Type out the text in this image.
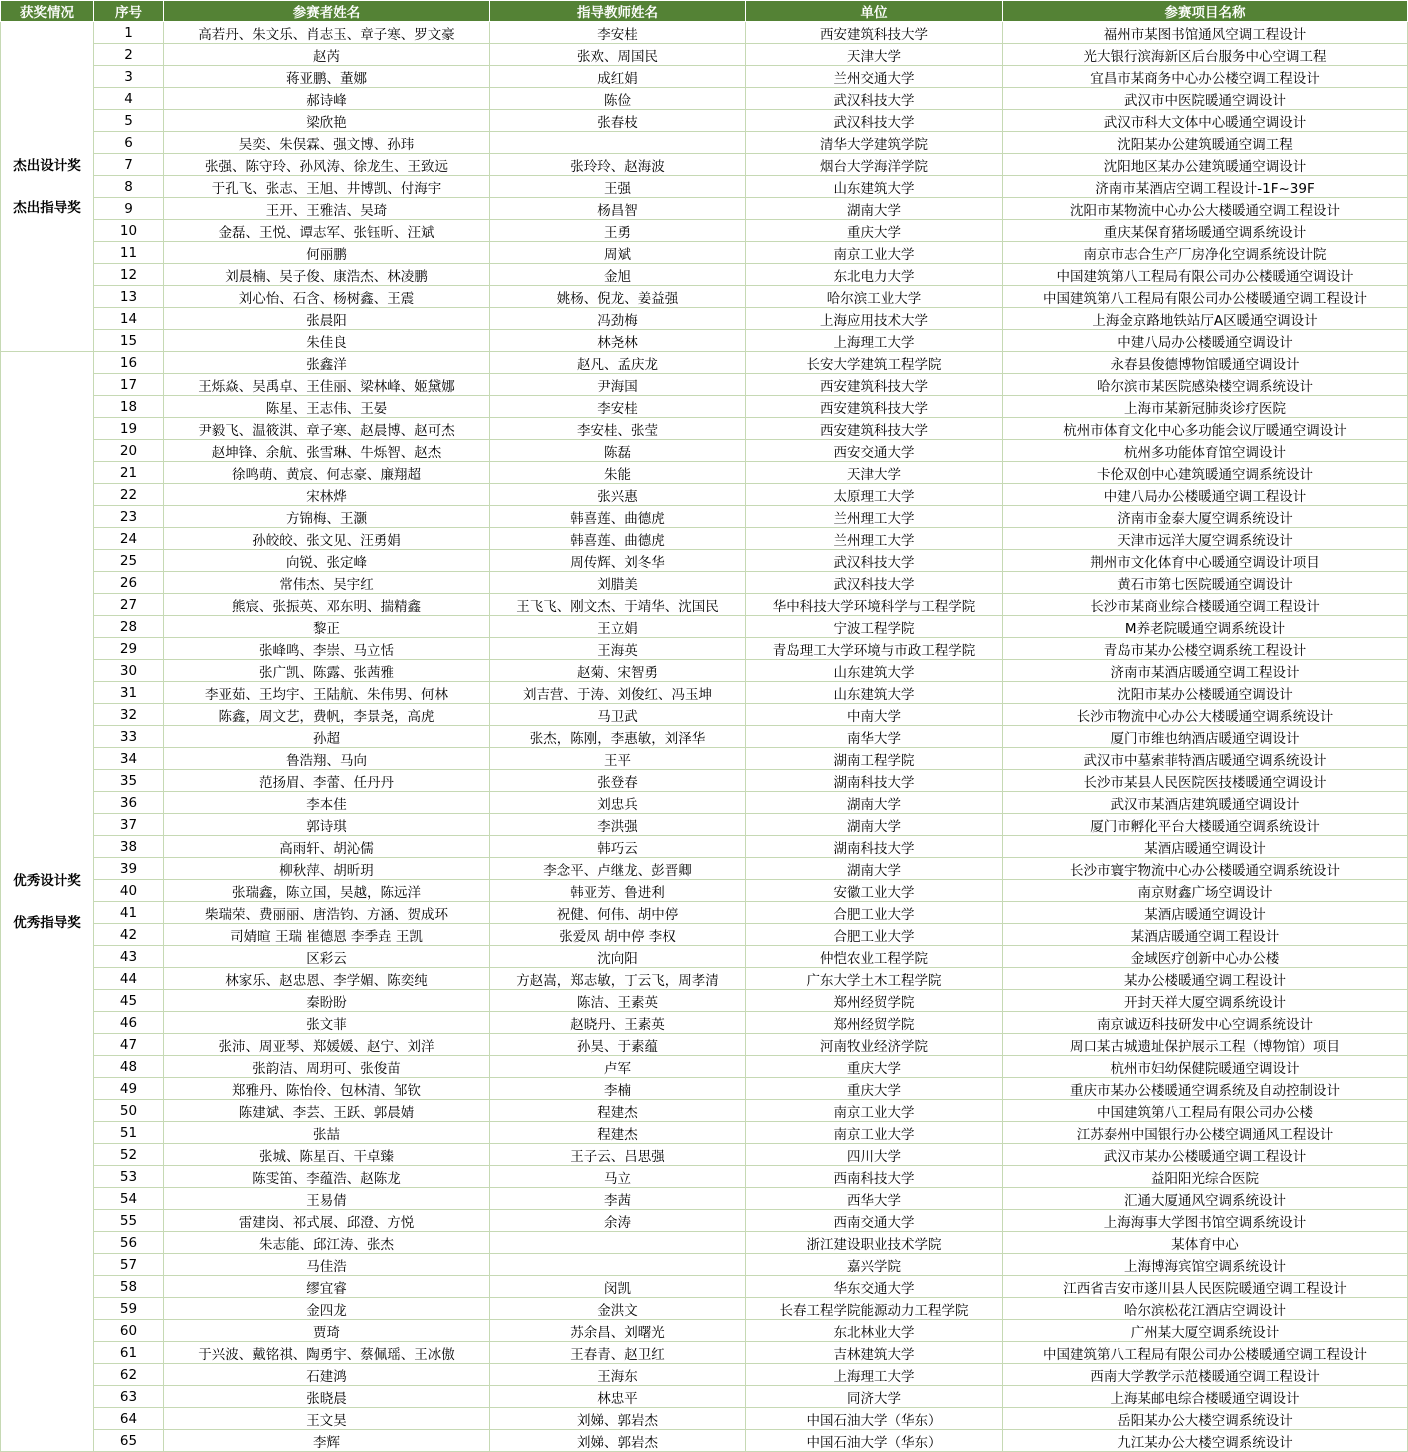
获奖情况	序号	参赛者姓名	指导教师姓名	单位	参赛项目名称

杰出设计奖
杰出指导奖	1	高若丹、朱文乐、肖志玉、章子寒、罗文豪	李安桂	西安建筑科技大学	福州市某图书馆通风空调工程设计
	2	赵芮	张欢、周国民	天津大学	光大银行滨海新区后台服务中心空调工程
	3	蒋亚鹏、董娜	成红娟	兰州交通大学	宜昌市某商务中心办公楼空调工程设计
	4	郝诗峰	陈俭	武汉科技大学	武汉市中医院暖通空调设计
	5	梁欣艳	张春枝	武汉科技大学	武汉市科大文体中心暖通空调设计
	6	吴奕、朱俣霖、强文博、孙玮		清华大学建筑学院	沈阳某办公建筑暖通空调工程
	7	张强、陈守玲、孙风涛、徐龙生、王致远	张玲玲、赵海波	烟台大学海洋学院	沈阳地区某办公建筑暖通空调设计
	8	于孔飞、张志、王旭、井博凯、付海宇	王强	山东建筑大学	济南市某酒店空调工程设计-1F~39F
	9	王开、王雅洁、吴琦	杨昌智	湖南大学	沈阳市某物流中心办公大楼暖通空调工程设计
	10	金磊、王悦、谭志军、张钰昕、汪斌	王勇	重庆大学	重庆某保育猪场暖通空调系统设计
	11	何丽鹏	周斌	南京工业大学	南京市志合生产厂房净化空调系统设计院
	12	刘晨楠、吴子俊、康浩杰、林凌鹏	金旭	东北电力大学	中国建筑第八工程局有限公司办公楼暖通空调设计
	13	刘心怡、石含、杨树鑫、王震	姚杨、倪龙、姜益强	哈尔滨工业大学	中国建筑第八工程局有限公司办公楼暖通空调工程设计
	14	张晨阳	冯劲梅	上海应用技术大学	上海金京路地铁站厅A区暖通空调设计
	15	朱佳良	林尧林	上海理工大学	中建八局办公楼暖通空调设计

优秀设计奖
优秀指导奖	16	张鑫洋	赵凡、孟庆龙	长安大学建筑工程学院	永春县俊德博物馆暖通空调设计
	17	王烁焱、吴禹卓、王佳丽、梁林峰、姬黛娜	尹海国	西安建筑科技大学	哈尔滨市某医院感染楼空调系统设计
	18	陈星、王志伟、王晏	李安桂	西安建筑科技大学	上海市某新冠肺炎诊疗医院
	19	尹毅飞、温筱淇、章子寒、赵晨博、赵可杰	李安桂、张莹	西安建筑科技大学	杭州市体育文化中心多功能会议厅暖通空调设计
	20	赵坤锋、余航、张雪琳、牛烁智、赵杰	陈磊	西安交通大学	杭州多功能体育馆空调设计
	21	徐鸣萌、黄宸、何志豪、廉翔超	朱能	天津大学	卡伦双创中心建筑暖通空调系统设计
	22	宋林烨	张兴惠	太原理工大学	中建八局办公楼暖通空调工程设计
	23	方锦梅、王灏	韩喜莲、曲德虎	兰州理工大学	济南市金泰大厦空调系统设计
	24	孙皎皎、张文见、汪勇娟	韩喜莲、曲德虎	兰州理工大学	天津市远洋大厦空调系统设计
	25	向锐、张定峰	周传辉、刘冬华	武汉科技大学	荆州市文化体育中心暖通空调设计项目
	26	常伟杰、吴宇红	刘腊美	武汉科技大学	黄石市第七医院暖通空调设计
	27	熊宸、张振英、邓东明、揣精鑫	王飞飞、刚文杰、于靖华、沈国民	华中科技大学环境科学与工程学院	长沙市某商业综合楼暖通空调工程设计
	28	黎正	王立娟	宁波工程学院	M养老院暖通空调系统设计
	29	张峰鸣、李崇、马立恬	王海英	青岛理工大学环境与市政工程学院	青岛市某办公楼空调系统工程设计
	30	张广凯、陈露、张茜雅	赵菊、宋智勇	山东建筑大学	济南市某酒店暖通空调工程设计
	31	李亚茹、王均宇、王陆航、朱伟男、何林	刘吉营、于涛、刘俊红、冯玉坤	山东建筑大学	沈阳市某办公楼暖通空调设计
	32	陈鑫，周文艺，费帆，李景尧，高虎	马卫武	中南大学	长沙市物流中心办公大楼暖通空调系统设计
	33	孙超	张杰，陈刚，李惠敏，刘泽华	南华大学	厦门市维也纳酒店暖通空调设计
	34	鲁浩翔、马向	王平	湖南工程学院	武汉市中墓索菲特酒店暖通空调系统设计
	35	范扬眉、李蕾、任丹丹	张登春	湖南科技大学	长沙市某县人民医院医技楼暖通空调设计
	36	李本佳	刘忠兵	湖南大学	武汉市某酒店建筑暖通空调设计
	37	郭诗琪	李洪强	湖南大学	厦门市孵化平台大楼暖通空调系统设计
	38	高雨轩、胡沁儒	韩巧云	湖南科技大学	某酒店暖通空调设计
	39	柳秋萍、胡昕玥	李念平、卢继龙、彭晋卿	湖南大学	长沙市寰宇物流中心办公楼暖通空调系统设计
	40	张瑞鑫，陈立国，吴越，陈远洋	韩亚芳、鲁进利	安徽工业大学	南京财鑫广场空调设计
	41	柴瑞荣、费丽丽、唐浩钧、方涵、贺成环	祝健、何伟、胡中停	合肥工业大学	某酒店暖通空调设计
	42	司婧暄 王瑞 崔德恩 李季垚 王凯	张爱凤 胡中停 李权	合肥工业大学	某酒店暖通空调工程设计
	43	区彩云	沈向阳	仲恺农业工程学院	金域医疗创新中心办公楼
	44	林家乐、赵忠恩、李学媚、陈奕纯	方赵嵩，郑志敏，丁云飞，周孝清	广东大学土木工程学院	某办公楼暖通空调工程设计
	45	秦盼盼	陈洁、王素英	郑州经贸学院	开封天祥大厦空调系统设计
	46	张文菲	赵晓丹、王素英	郑州经贸学院	南京诚迈科技研发中心空调系统设计
	47	张沛、周亚琴、郑媛媛、赵宁、刘洋	孙昊、于素蕴	河南牧业经济学院	周口某古城遗址保护展示工程（博物馆）项目
	48	张韵洁、周玥可、张俊苗	卢军	重庆大学	杭州市妇幼保健院暖通空调设计
	49	郑雅丹、陈怡伶、包林清、邹钦	李楠	重庆大学	重庆市某办公楼暖通空调系统及自动控制设计
	50	陈建斌、李芸、王跃、郭晨婧	程建杰	南京工业大学	中国建筑第八工程局有限公司办公楼
	51	张喆	程建杰	南京工业大学	江苏泰州中国银行办公楼空调通风工程设计
	52	张城、陈星百、干卓臻	王子云、吕思强	四川大学	武汉市某办公楼暖通空调工程设计
	53	陈雯笛、李蕴浩、赵陈龙	马立	西南科技大学	益阳阳光综合医院
	54	王易倩	李茜	西华大学	汇通大厦通风空调系统设计
	55	雷建岗、祁式展、邱澄、方悦	余涛	西南交通大学	上海海事大学图书馆空调系统设计
	56	朱志能、邱江涛、张杰		浙江建设职业技术学院	某体育中心
	57	马佳浩		嘉兴学院	上海博海宾馆空调系统设计
	58	缪宜睿	闵凯	华东交通大学	江西省吉安市遂川县人民医院暖通空调工程设计
	59	金四龙	金洪文	长春工程学院能源动力工程学院	哈尔滨松花江酒店空调设计
	60	贾琦	苏余昌、刘曙光	东北林业大学	广州某大厦空调系统设计
	61	于兴波、戴铭祺、陶勇宇、蔡佩瑶、王冰傲	王春青、赵卫红	吉林建筑大学	中国建筑第八工程局有限公司办公楼暖通空调工程设计
	62	石建鸿	王海东	上海理工大学	西南大学教学示范楼暖通空调工程设计
	63	张晓晨	林忠平	同济大学	上海某邮电综合楼暖通空调设计
	64	王文昊	刘娣、郭岩杰	中国石油大学（华东）	岳阳某办公大楼空调系统设计
	65	李辉	刘娣、郭岩杰	中国石油大学（华东）	九江某办公大楼空调系统设计
